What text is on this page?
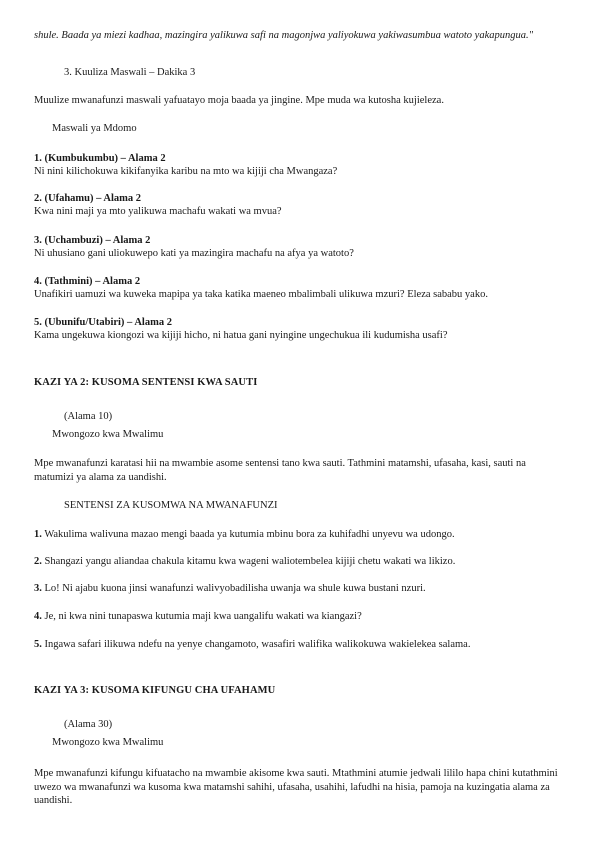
shule. Baada ya miezi kadhaa, mazingira yalikuwa safi na magonjwa yaliyokuwa yakiwasumbua watoto yakapungua."

3. Kuuliza Maswali – Dakika 3

Muulize mwanafunzi maswali yafuatayo moja baada ya jingine. Mpe muda wa kutosha kujieleza.

Maswali ya Mdomo

1. (Kumbukumbu) – Alama 2

Ni nini kilichokuwa kikifanyika karibu na mto wa kijiji cha Mwangaza?

2. (Ufahamu) – Alama 2

Kwa nini maji ya mto yalikuwa machafu wakati wa mvua?

3. (Uchambuzi) – Alama 2

Ni uhusiano gani uliokuwepo kati ya mazingira machafu na afya ya watoto?

4. (Tathmini) – Alama 2

Unafikiri uamuzi wa kuweka mapipa ya taka katika maeneo mbalimbali ulikuwa mzuri? Eleza sababu yako.

5. (Ubunifu/Utabiri) – Alama 2

Kama ungekuwa kiongozi wa kijiji hicho, ni hatua gani nyingine ungechukua ili kudumisha usafi?

KAZI YA 2: KUSOMA SENTENSI KWA SAUTI

(Alama 10)

Mwongozo kwa Mwalimu

Mpe mwanafunzi karatasi hii na mwambie asome sentensi tano kwa sauti. Tathmini matamshi, ufasaha, kasi, sauti na matumizi ya alama za uandishi.

SENTENSI ZA KUSOMWA NA MWANAFUNZI

1. Wakulima walivuna mazao mengi baada ya kutumia mbinu bora za kuhifadhi unyevu wa udongo.

2. Shangazi yangu aliandaa chakula kitamu kwa wageni waliotembelea kijiji chetu wakati wa likizo.

3. Lo! Ni ajabu kuona jinsi wanafunzi walivyobadilisha uwanja wa shule kuwa bustani nzuri.

4. Je, ni kwa nini tunapaswa kutumia maji kwa uangalifu wakati wa kiangazi?

5. Ingawa safari ilikuwa ndefu na yenye changamoto, wasafiri walifika walikokuwa wakielekea salama.

KAZI YA 3: KUSOMA KIFUNGU CHA UFAHAMU

(Alama 30)

Mwongozo kwa Mwalimu

Mpe mwanafunzi kifungu kifuatacho na mwambie akisome kwa sauti. Mtathmini atumie jedwali lililo hapa chini kutathmini uwezo wa mwanafunzi wa kusoma kwa matamshi sahihi, ufasaha, usahihi, lafudhi na hisia, pamoja na kuzingatia alama za uandishi.
